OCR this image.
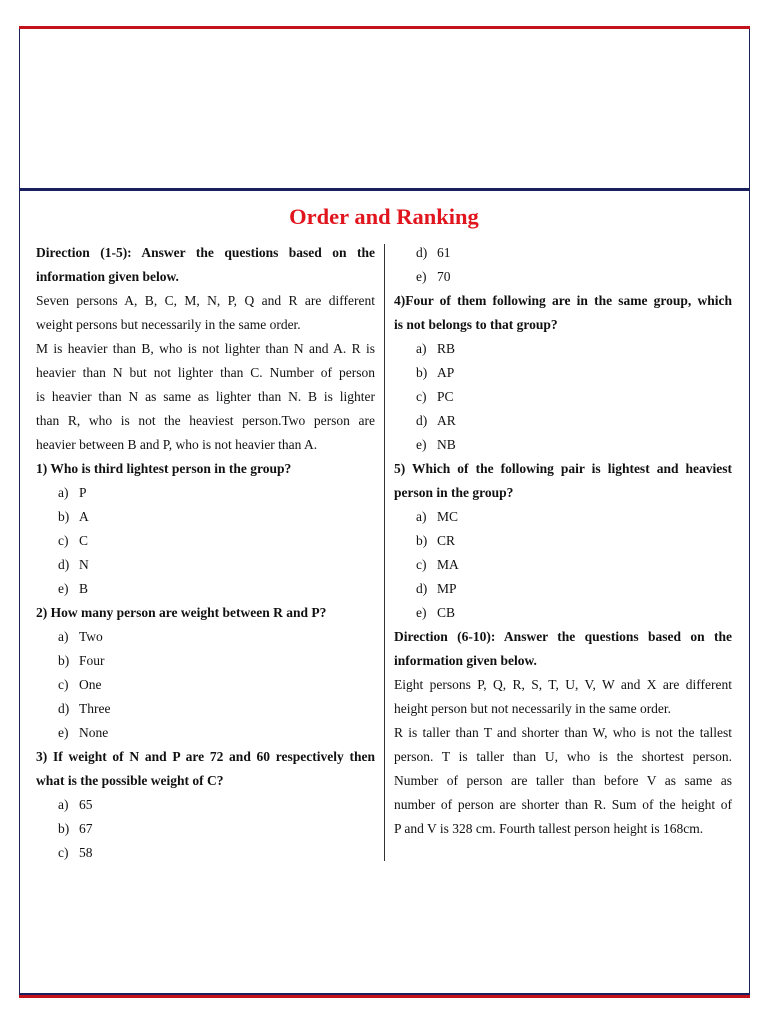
Order and Ranking
Direction (1-5): Answer the questions based on the
information given below.
Seven persons A, B, C, M, N, P, Q and R are different
weight persons but necessarily in the same order.
M is heavier than B, who is not lighter than N and A. R is
heavier than N but not lighter than C. Number of person
is heavier than N as same as lighter than N. B is lighter
than R, who is not the heaviest person.Two person are
heavier between B and P, who is not heavier than A.
1) Who is third lightest person in the group?
a) P
b) A
c) C
d) N
e) B
2) How many person are weight between R and P?
a) Two
b) Four
c) One
d) Three
e) None
3) If weight of N and P are 72 and 60 respectively then
what is the possible weight of C?
a) 65
b) 67
c) 58
d) 61
e) 70
4)Four of them following are in the same group, which
is not belongs to that group?
a) RB
b) AP
c) PC
d) AR
e) NB
5) Which of the following pair is lightest and heaviest
person in the group?
a) MC
b) CR
c) MA
d) MP
e) CB
Direction (6-10): Answer the questions based on the
information given below.
Eight persons P, Q, R, S, T, U, V, W and X are different
height person but not necessarily in the same order.
R is taller than T and shorter than W, who is not the tallest
person. T is taller than U, who is the shortest person.
Number of person are taller than before V as same as
number of person are shorter than R. Sum of the height of
P and V is 328 cm. Fourth tallest person height is 168cm.
